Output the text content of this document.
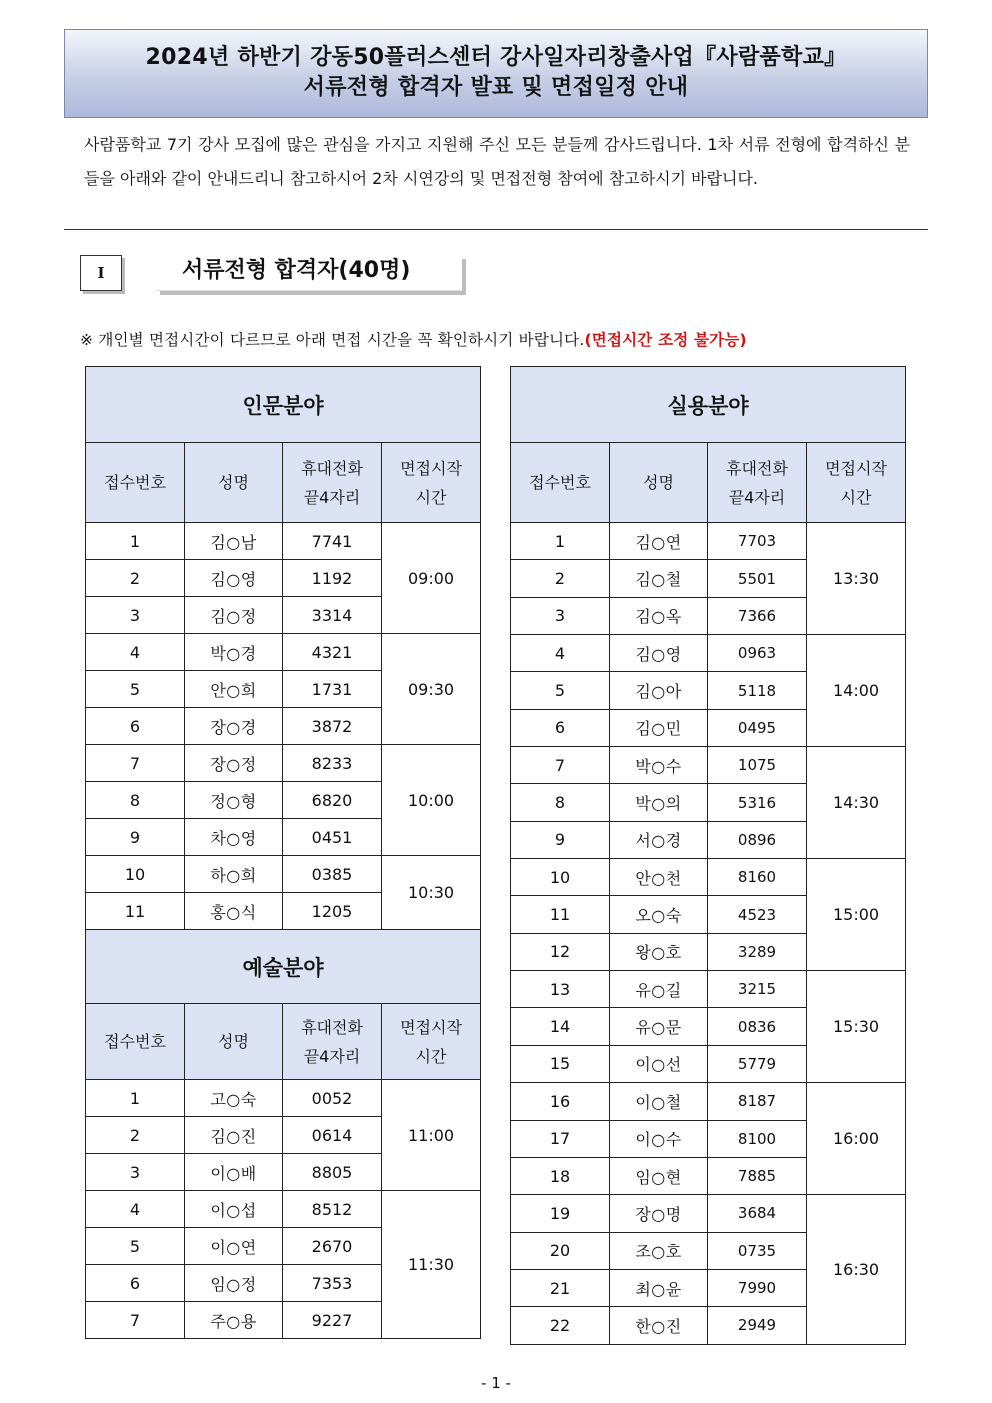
2024년 하반기 강동50플러스센터 강사일자리창출사업『사람품학교』
서류전형 합격자 발표 및 면접일정 안내
사람품학교 7기 강사 모집에 많은 관심을 가지고 지원해 주신 모든 분들께 감사드립니다. 1차 서류 전형에 합격하신 분들을 아래와 같이 안내드리니 참고하시어 2차 시연강의 및 면접전형 참여에 참고하시기 바랍니다.
Ⅰ	서류전형 합격자(40명)
※ 개인별 면접시간이 다르므로 아래 면접 시간을 꼭 확인하시기 바랍니다.(면접시간 조정 불가능)
인문분야			
접수번호	성명	휴대전화
끝4자리	면접시작
시간
1	김○남	7741	09:00
2	김○영	1192	
3	김○정	3314	
4	박○경	4321	09:30
5	안○희	1731	
6	장○경	3872	
7	장○정	8233	10:00
8	정○형	6820	
9	차○영	0451	
10	하○희	0385	10:30
11	홍○식	1205	
예술분야			
접수번호	성명	휴대전화
끝4자리	면접시작
시간
1	고○숙	0052	11:00
2	김○진	0614	
3	이○배	8805	
4	이○섭	8512	11:30
5	이○연	2670	
6	임○정	7353	
7	주○용	9227	
실용분야			
접수번호	성명	휴대전화
끝4자리	면접시작
시간
1	김○연	7703	13:30
2	김○철	5501	
3	김○옥	7366	
4	김○영	0963	14:00
5	김○아	5118	
6	김○민	0495	
7	박○수	1075	14:30
8	박○의	5316	
9	서○경	0896	
10	안○천	8160	15:00
11	오○숙	4523	
12	왕○호	3289	
13	유○길	3215	15:30
14	유○문	0836	
15	이○선	5779	
16	이○철	8187	16:00
17	이○수	8100	
18	임○현	7885	
19	장○명	3684	16:30
20	조○호	0735	
21	최○윤	7990	
22	한○진	2949	
- 1 -
